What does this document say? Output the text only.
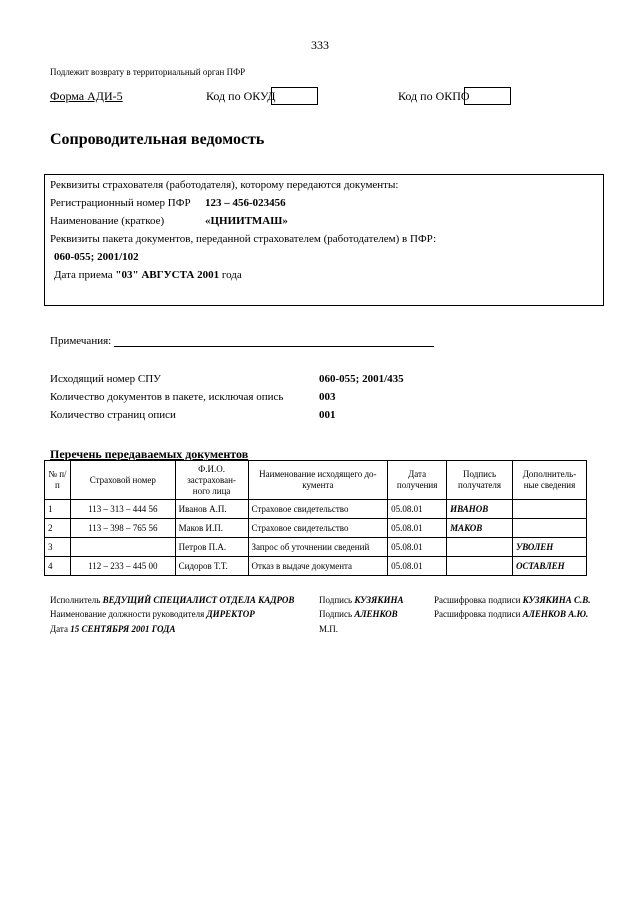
333
Подлежит возврату в территориальный орган ПФР
Форма АДИ-5	Код по ОКУД	Код по ОКПО
Сопроводительная ведомость
Реквизиты страхователя (работодателя), которому передаются документы:
Регистрационный номер ПФР 123 – 456-023456
Наименование (краткое)	«ЦНИИТМАШ»
Реквизиты пакета документов, переданной страхователем (работодателем) в ПФР:
060-055; 2001/102
Дата приема "03" АВГУСТА 2001 года
Примечания:
Исходящий номер СПУ	060-055; 2001/435
Количество документов в пакете, исключая опись	003
Количество страниц описи	001
Перечень передаваемых документов
№ п/п	Страховой номер	Ф.И.О. застрахован-ного лица	Наименование исходящего до-кумента	Дата получения	Подпись получателя	Дополнитель-ные сведения
1	113 – 313 – 444 56	Иванов А.П.	Страховое свидетельство	05.08.01	ИВАНОВ	
2	113 – 398 – 765 56	Маков И.П.	Страховое свидетельство	05.08.01	МАКОВ	
3		Петров П.А.	Запрос об уточнении сведений	05.08.01		УВОЛЕН
4	112 – 233 – 445 00	Сидоров Т.Т.	Отказ в выдаче документа	05.08.01		ОСТАВЛЕН
Исполнитель ВЕДУЩИЙ СПЕЦИАЛИСТ ОТДЕЛА КАДРОВ	Подпись КУЗЯКИНА	Расшифровка подписи КУЗЯКИНА С.В.
Наименование должности руководителя ДИРЕКТОР	Подпись АЛЕНКОВ	Расшифровка подписи АЛЕНКОВ А.Ю.
Дата 15 СЕНТЯБРЯ 2001 ГОДА	М.П.
